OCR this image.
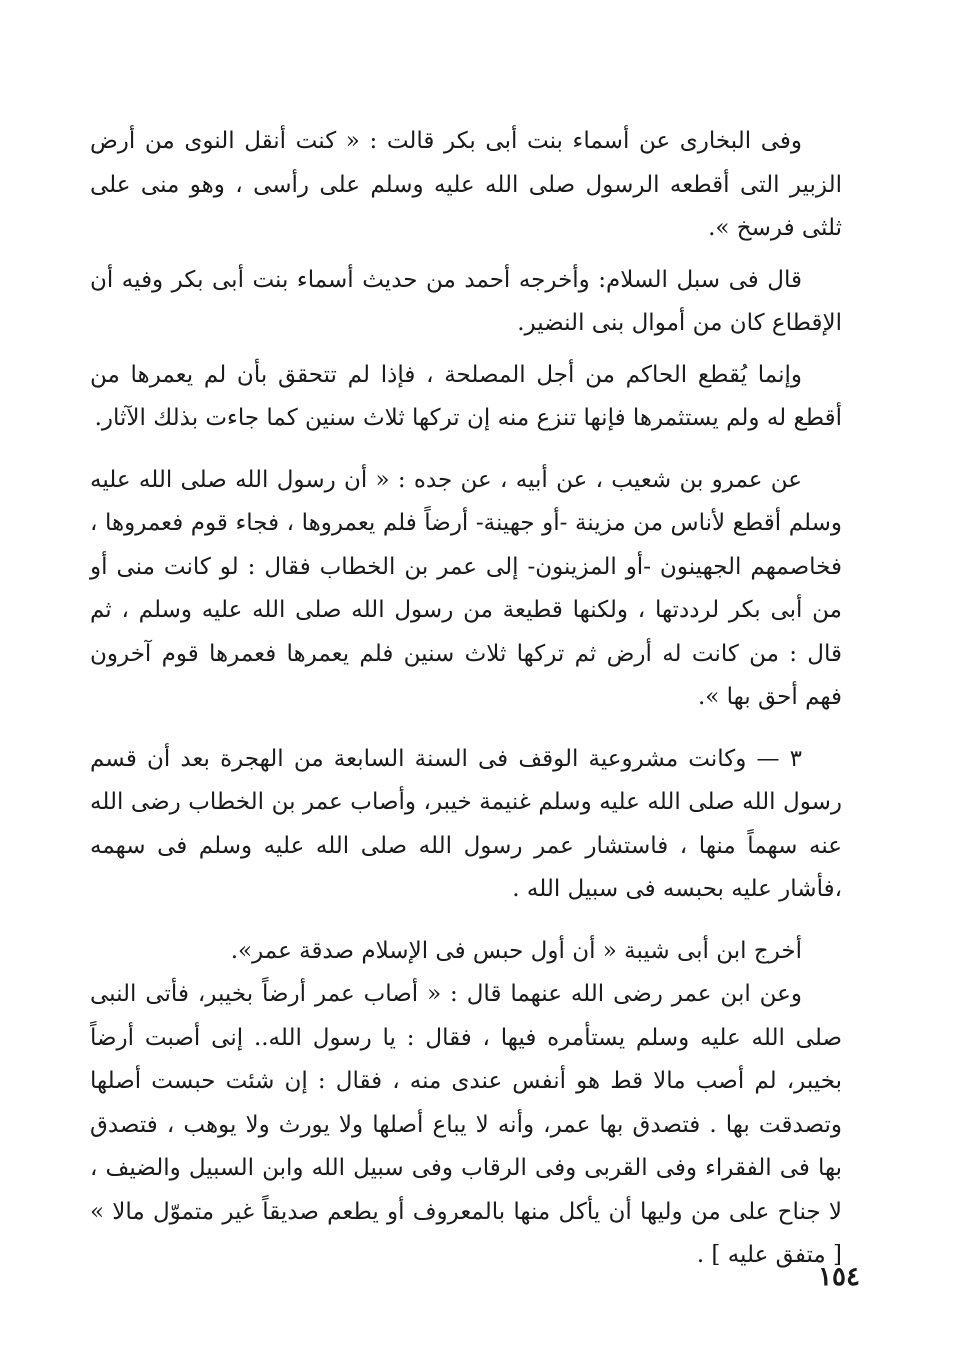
وفى البخارى عن أسماء بنت أبى بكر قالت : « كنت أنقل النوى من أرض الزبير التى أقطعه الرسول صلى الله عليه وسلم على رأسى ، وهو منى على ثلثى فرسخ ».

قال فى سبل السلام: وأخرجه أحمد من حديث أسماء بنت أبى بكر وفيه أن الإقطاع كان من أموال بنى النضير.

وإنما يُقطع الحاكم من أجل المصلحة ، فإذا لم تتحقق بأن لم يعمرها من أقطع له ولم يستثمرها فإنها تنزع منه إن تركها ثلاث سنين كما جاءت بذلك الآثار.

عن عمرو بن شعيب ، عن أبيه ، عن جده : « أن رسول الله صلى الله عليه وسلم أقطع لأناس من مزينة -أو جهينة- أرضاً فلم يعمروها ، فجاء قوم فعمروها ، فخاصمهم الجهينون -أو المزينون- إلى عمر بن الخطاب فقال : لو كانت منى أو من أبى بكر لرددتها ، ولكنها قطيعة من رسول الله صلى الله عليه وسلم ، ثم قال : من كانت له أرض ثم تركها ثلاث سنين فلم يعمرها فعمرها قوم آخرون فهم أحق بها ».

٣ — وكانت مشروعية الوقف فى السنة السابعة من الهجرة بعد أن قسم رسول الله صلى الله عليه وسلم غنيمة خيبر، وأصاب عمر بن الخطاب رضى الله عنه سهماً منها ، فاستشار عمر رسول الله صلى الله عليه وسلم فى سهمه ،فأشار عليه بحبسه فى سبيل الله .

أخرج ابن أبى شيبة « أن أول حبس فى الإسلام صدقة عمر».

وعن ابن عمر رضى الله عنهما قال : « أصاب عمر أرضاً بخيبر، فأتى النبى صلى الله عليه وسلم يستأمره فيها ، فقال : يا رسول الله.. إنى أصبت أرضاً بخيبر، لم أصب مالا قط هو أنفس عندى منه ، فقال : إن شئت حبست أصلها وتصدقت بها . فتصدق بها عمر، وأنه لا يباع أصلها ولا يورث ولا يوهب ، فتصدق بها فى الفقراء وفى القربى وفى الرقاب وفى سبيل الله وابن السبيل والضيف ، لا جناح على من وليها أن يأكل منها بالمعروف أو يطعم صديقاً غير متموّل مالا » [ متفق عليه ] .

١٥٤
